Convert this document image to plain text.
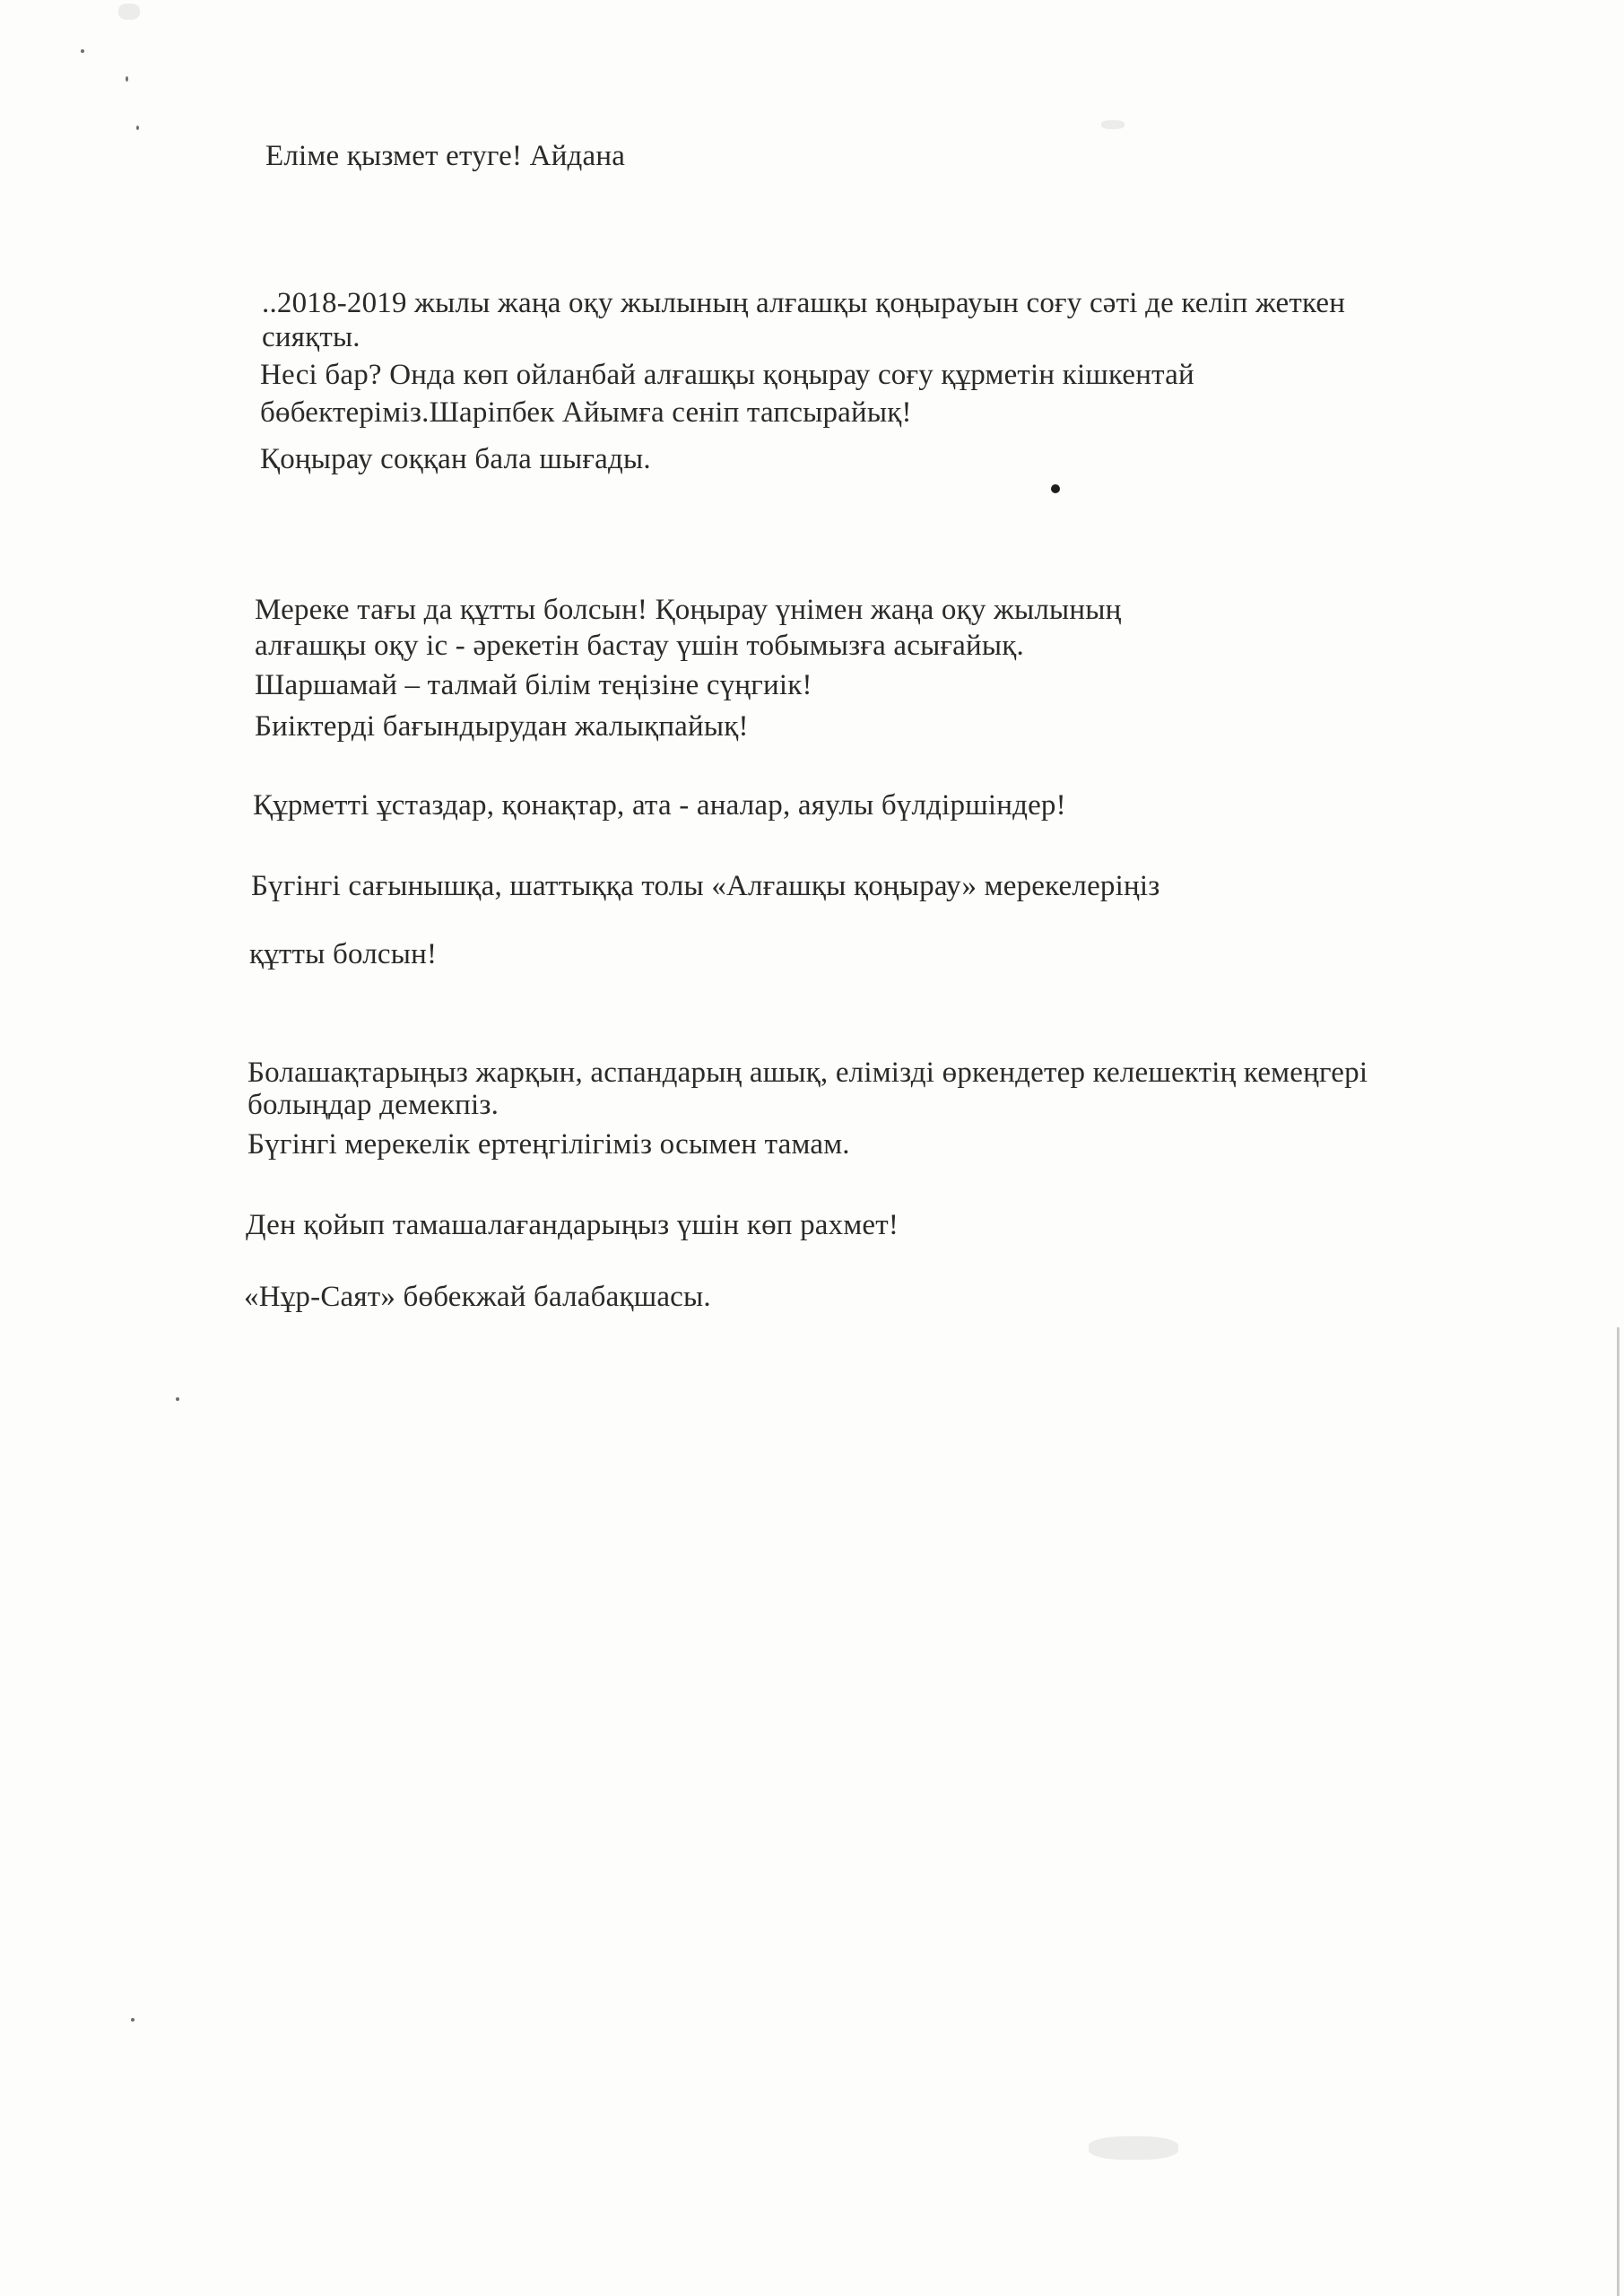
Еліме қызмет етуге! Айдана
..2018-2019 жылы жаңа оқу жылының алғашқы қоңырауын соғу сәті де келіп жеткен
сияқты.
Несі бар? Онда көп ойланбай алғашқы қоңырау соғу құрметін кішкентай
бөбектеріміз.Шаріпбек Айымға сеніп тапсырайық!
Қоңырау соққан бала шығады.
Мереке тағы да құтты болсын! Қоңырау үнімен жаңа оқу жылының
алғашқы оқу іс - әрекетін бастау үшін тобымызға асығайық.
Шаршамай – талмай білім теңізіне сүңгиік!
Биіктерді бағындырудан жалықпайық!
Құрметті ұстаздар, қонақтар, ата - аналар, аяулы бүлдіршіндер!
Бүгінгі сағынышқа, шаттыққа толы «Алғашқы қоңырау» мерекелеріңіз
құтты болсын!
Болашақтарыңыз жарқын, аспандарың ашық, елімізді өркендетер келешектің кемеңгері
болыңдар демекпіз.
Бүгінгі мерекелік ертеңгілігіміз осымен тамам.
Ден қойып тамашалағандарыңыз үшін көп рахмет!
«Нұр-Саят» бөбекжай балабақшасы.
